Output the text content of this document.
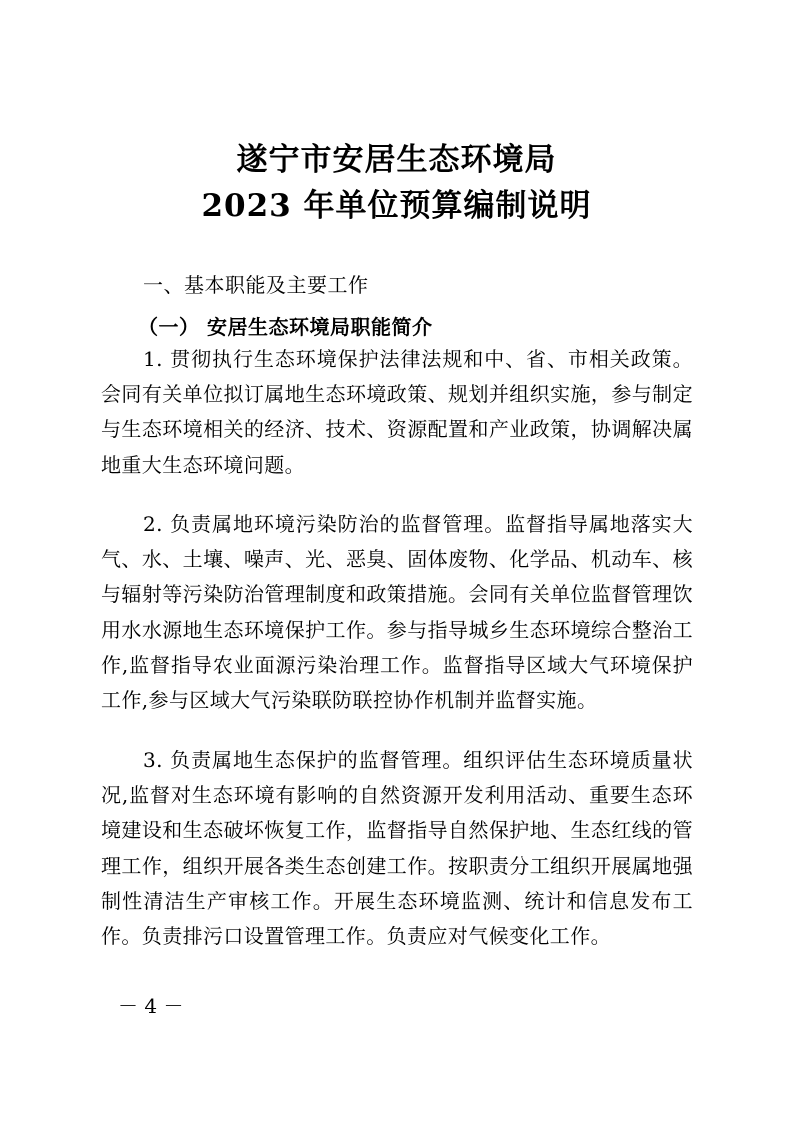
遂宁市安居生态环境局
2023 年单位预算编制说明
一、基本职能及主要工作
（一） 安居生态环境局职能简介
1. 贯彻执行生态环境保护法律法规和中、省、市相关政策。会同有关单位拟订属地生态环境政策、规划并组织实施，参与制定与生态环境相关的经济、技术、资源配置和产业政策，协调解决属地重大生态环境问题。
2. 负责属地环境污染防治的监督管理。监督指导属地落实大气、水、土壤、噪声、光、恶臭、固体废物、化学品、机动车、核与辐射等污染防治管理制度和政策措施。会同有关单位监督管理饮用水水源地生态环境保护工作。参与指导城乡生态环境综合整治工作,监督指导农业面源污染治理工作。监督指导区域大气环境保护工作,参与区域大气污染联防联控协作机制并监督实施。
3. 负责属地生态保护的监督管理。组织评估生态环境质量状况,监督对生态环境有影响的自然资源开发利用活动、重要生态环境建设和生态破坏恢复工作，监督指导自然保护地、生态红线的管理工作，组织开展各类生态创建工作。按职责分工组织开展属地强制性清洁生产审核工作。开展生态环境监测、统计和信息发布工作。负责排污口设置管理工作。负责应对气候变化工作。
－ 4 －
